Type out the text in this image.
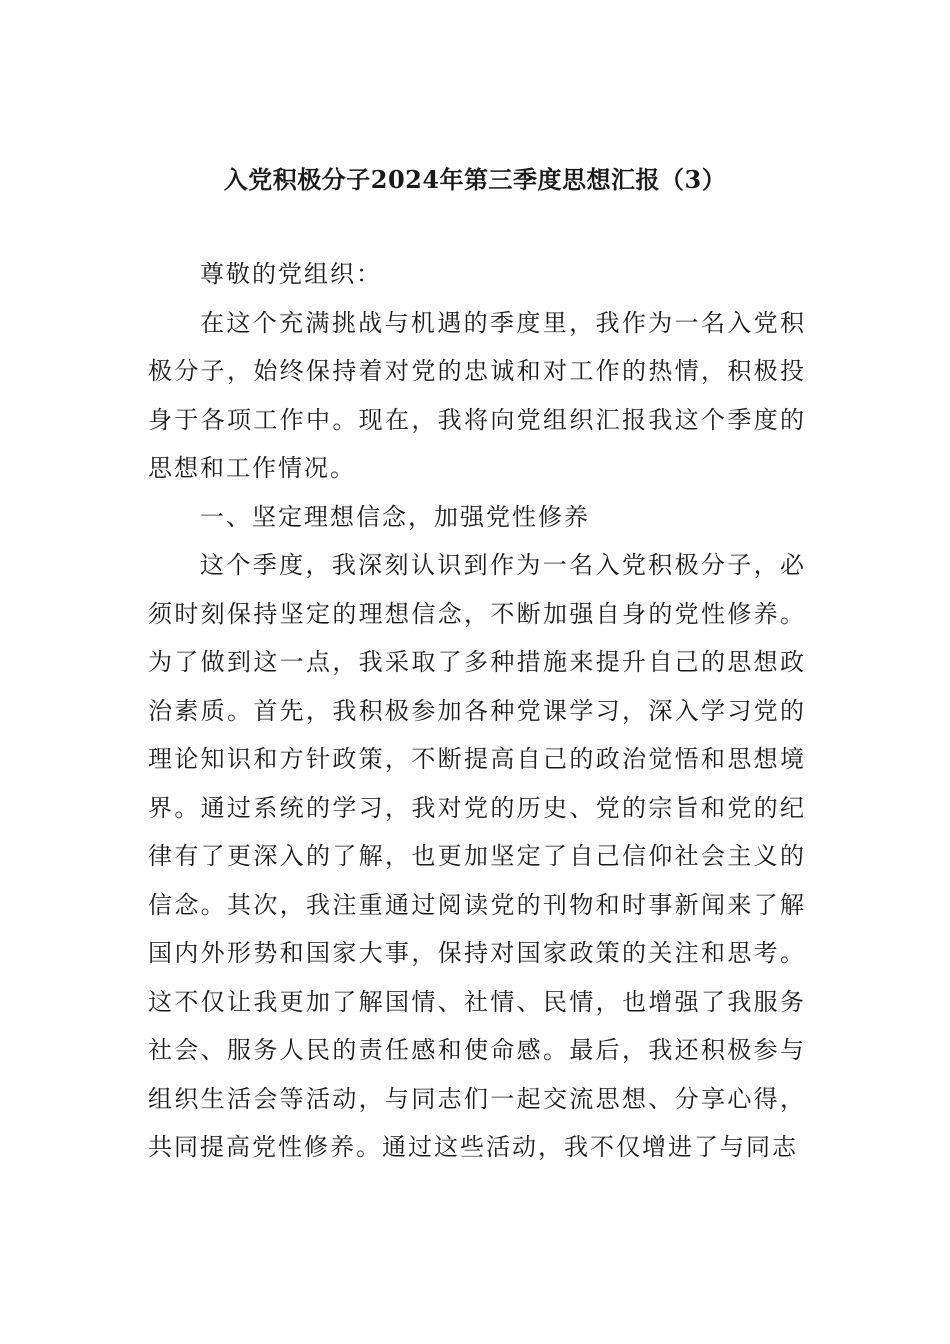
入党积极分子2024年第三季度思想汇报（3）

尊敬的党组织：

在这个充满挑战与机遇的季度里，我作为一名入党积极分子，始终保持着对党的忠诚和对工作的热情，积极投身于各项工作中。现在，我将向党组织汇报我这个季度的思想和工作情况。

一、坚定理想信念，加强党性修养

这个季度，我深刻认识到作为一名入党积极分子，必须时刻保持坚定的理想信念，不断加强自身的党性修养。为了做到这一点，我采取了多种措施来提升自己的思想政治素质。首先，我积极参加各种党课学习，深入学习党的理论知识和方针政策，不断提高自己的政治觉悟和思想境界。通过系统的学习，我对党的历史、党的宗旨和党的纪律有了更深入的了解，也更加坚定了自己信仰社会主义的信念。其次，我注重通过阅读党的刊物和时事新闻来了解国内外形势和国家大事，保持对国家政策的关注和思考。这不仅让我更加了解国情、社情、民情，也增强了我服务社会、服务人民的责任感和使命感。最后，我还积极参与组织生活会等活动，与同志们一起交流思想、分享心得，共同提高党性修养。通过这些活动，我不仅增进了与同志
